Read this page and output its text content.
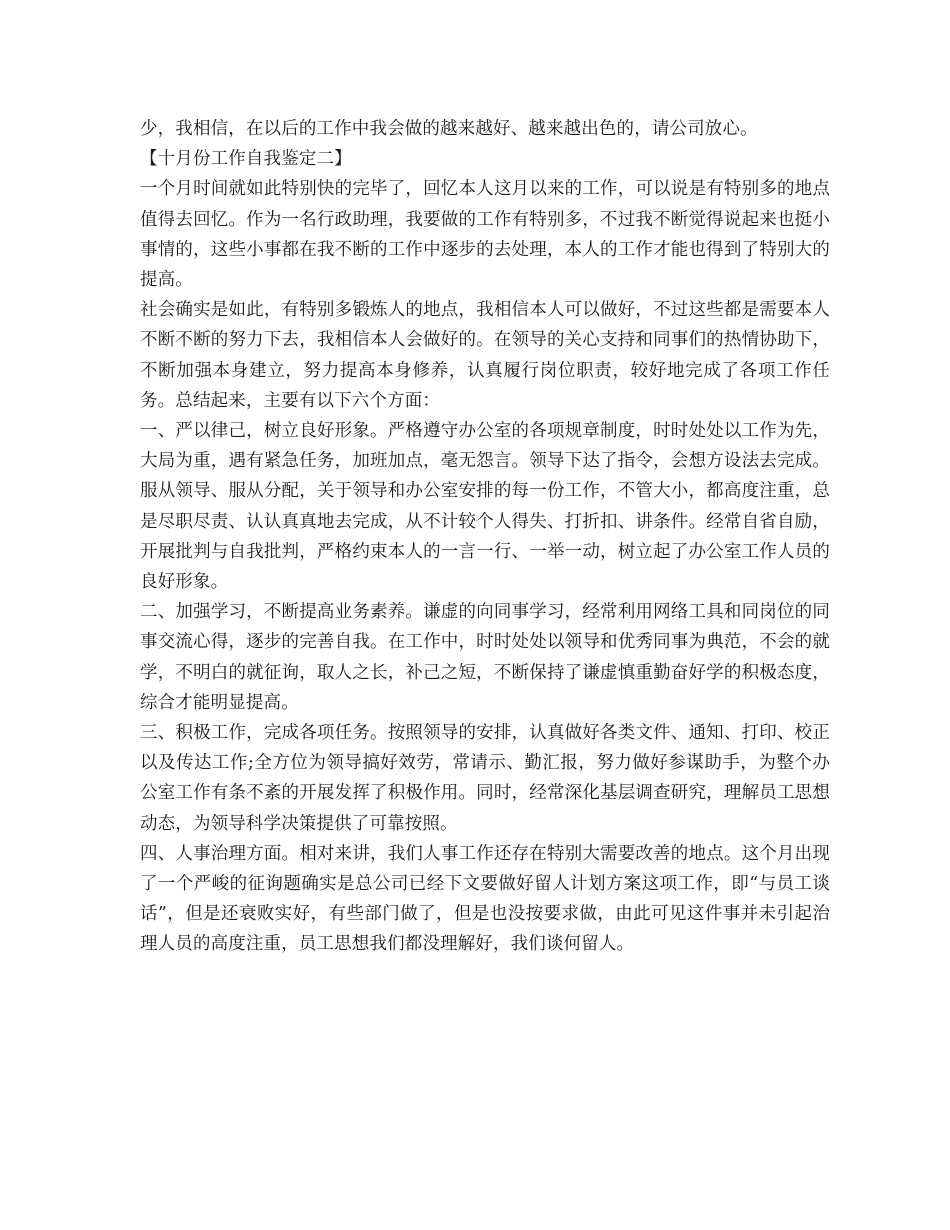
少，我相信，在以后的工作中我会做的越来越好、越来越出色的，请公司放心。

【十月份工作自我鉴定二】

一个月时间就如此特别快的完毕了，回忆本人这月以来的工作，可以说是有特别多的地点值得去回忆。作为一名行政助理，我要做的工作有特别多，不过我不断觉得说起来也挺小事情的，这些小事都在我不断的工作中逐步的去处理，本人的工作才能也得到了特别大的提高。

社会确实是如此，有特别多锻炼人的地点，我相信本人可以做好，不过这些都是需要本人不断不断的努力下去，我相信本人会做好的。在领导的关心支持和同事们的热情协助下，不断加强本身建立，努力提高本身修养，认真履行岗位职责，较好地完成了各项工作任务。总结起来，主要有以下六个方面：

一、严以律己，树立良好形象。严格遵守办公室的各项规章制度，时时处处以工作为先，大局为重，遇有紧急任务，加班加点，毫无怨言。领导下达了指令，会想方设法去完成。服从领导、服从分配，关于领导和办公室安排的每一份工作，不管大小，都高度注重，总是尽职尽责、认认真真地去完成，从不计较个人得失、打折扣、讲条件。经常自省自励，开展批判与自我批判，严格约束本人的一言一行、一举一动，树立起了办公室工作人员的良好形象。

二、加强学习，不断提高业务素养。谦虚的向同事学习，经常利用网络工具和同岗位的同事交流心得，逐步的完善自我。在工作中，时时处处以领导和优秀同事为典范，不会的就学，不明白的就征询，取人之长，补己之短，不断保持了谦虚慎重勤奋好学的积极态度，综合才能明显提高。

三、积极工作，完成各项任务。按照领导的安排，认真做好各类文件、通知、打印、校正以及传达工作;全方位为领导搞好效劳，常请示、勤汇报，努力做好参谋助手，为整个办公室工作有条不紊的开展发挥了积极作用。同时，经常深化基层调查研究，理解员工思想动态，为领导科学决策提供了可靠按照。

四、人事治理方面。相对来讲，我们人事工作还存在特别大需要改善的地点。这个月出现了一个严峻的征询题确实是总公司已经下文要做好留人计划方案这项工作，即“与员工谈话”，但是还衰败实好，有些部门做了，但是也没按要求做，由此可见这件事并未引起治理人员的高度注重，员工思想我们都没理解好，我们谈何留人。
